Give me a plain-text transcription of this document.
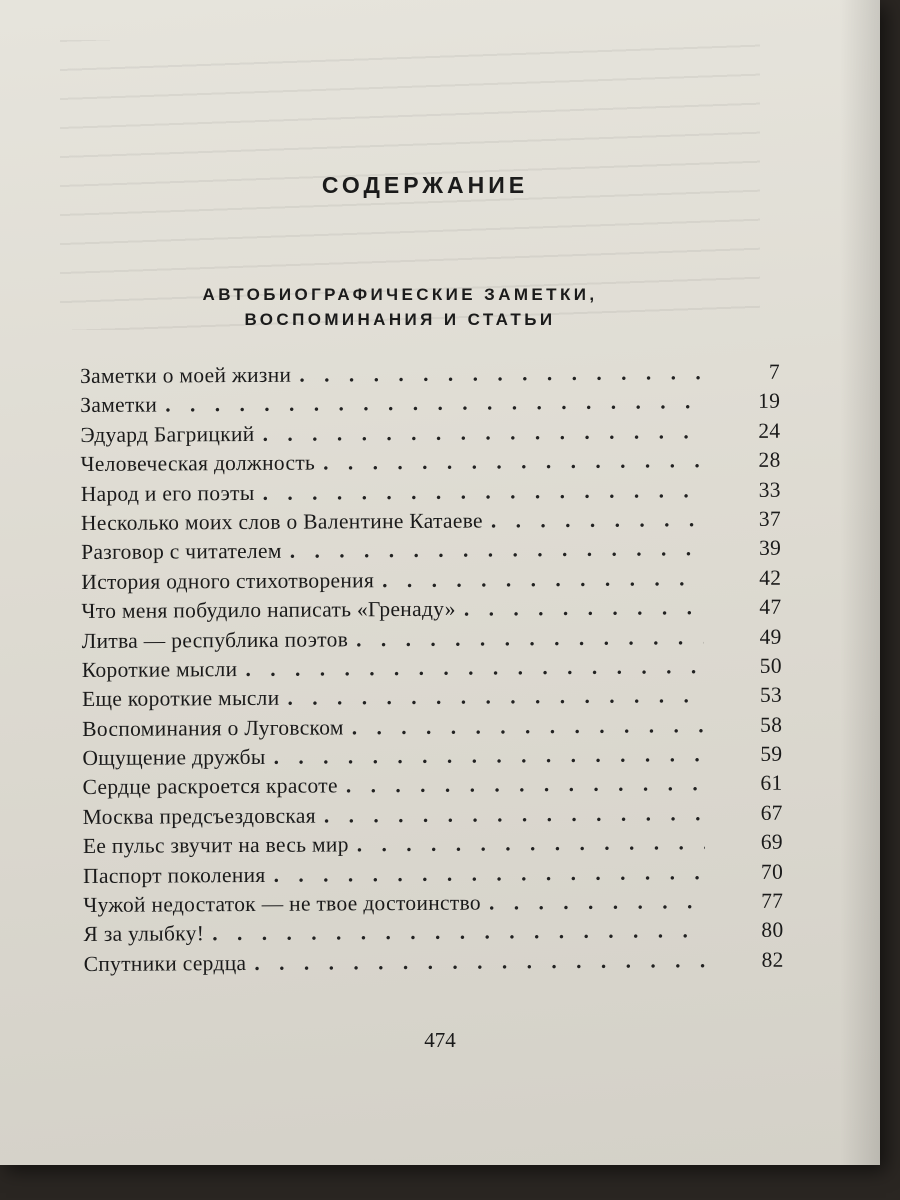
СОДЕРЖАНИЕ
АВТОБИОГРАФИЧЕСКИЕ ЗАМЕТКИ,
ВОСПОМИНАНИЯ И СТАТЬИ
Заметки о моей жизни . . .	7
Заметки . . .	19
Эдуард Багрицкий . . .	24
Человеческая должность . . .	28
Народ и его поэты . . .	33
Несколько моих слов о Валентине Катаеве . . .	37
Разговор с читателем . . .	39
История одного стихотворения . . .	42
Что меня побудило написать «Гренаду» . . .	47
Литва — республика поэтов . . .	49
Короткие мысли . . .	50
Еще короткие мысли . . .	53
Воспоминания о Луговском . . .	58
Ощущение дружбы . . .	59
Сердце раскроется красоте . . .	61
Москва предсъездовская . . .	67
Ее пульс звучит на весь мир . . .	69
Паспорт поколения . . .	70
Чужой недостаток — не твое достоинство . . .	77
Я за улыбку! . . .	80
Спутники сердца . . .	82
474
